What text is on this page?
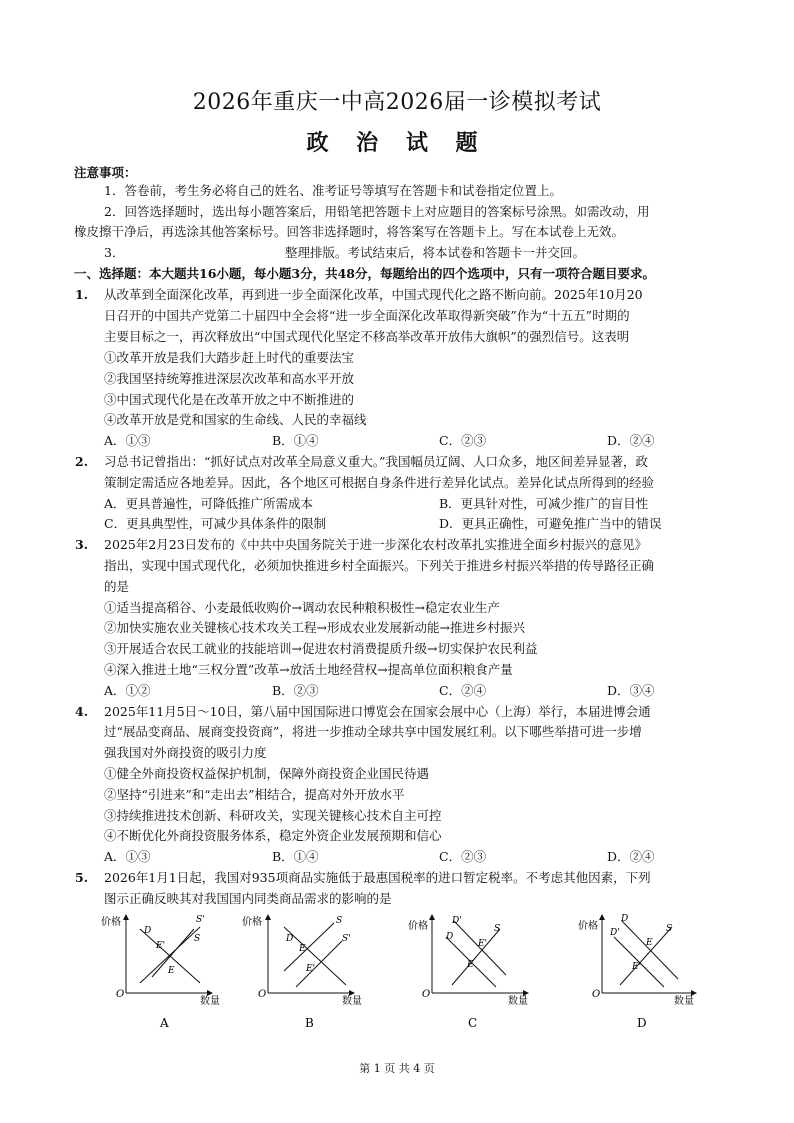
2026年重庆一中高2026届一诊模拟考试
政 治 试 题
注意事项：
1．答卷前，考生务必将自己的姓名、准考证号等填写在答题卡和试卷指定位置上。
2．回答选择题时，选出每小题答案后，用铅笔把答题卡上对应题目的答案标号涂黑。如需改动，用
橡皮擦干净后，再选涂其他答案标号。回答非选择题时，将答案写在答题卡上。写在本试卷上无效。
3．	整理排版。考试结束后，将本试卷和答题卡一并交回。
一、选择题：本大题共16小题，每小题3分，共48分，每题给出的四个选项中，只有一项符合题目要求。
1. 从改革到全面深化改革，再到进一步全面深化改革，中国式现代化之路不断向前。2025年10月20
日召开的中国共产党第二十届四中全会将“进一步全面深化改革取得新突破”作为“十五五”时期的
主要目标之一，再次释放出“中国式现代化坚定不移高举改革开放伟大旗帜”的强烈信号。这表明
①改革开放是我们大踏步赶上时代的重要法宝
②我国坚持统筹推进深层次改革和高水平开放
③中国式现代化是在改革开放之中不断推进的
④改革开放是党和国家的生命线、人民的幸福线
A．①③	B．①④	C．②③	D．②④
2. 习总书记曾指出：“抓好试点对改革全局意义重大。”我国幅员辽阔、人口众多，地区间差异显著，政
策制定需适应各地差异。因此，各个地区可根据自身条件进行差异化试点。差异化试点所得到的经验
A．更具普遍性，可降低推广所需成本	B．更具针对性，可减少推广的盲目性
C．更具典型性，可减少具体条件的限制	D．更具正确性，可避免推广当中的错误
3. 2025年2月23日发布的《中共中央国务院关于进一步深化农村改革扎实推进全面乡村振兴的意见》
指出，实现中国式现代化，必须加快推进乡村全面振兴。下列关于推进乡村振兴举措的传导路径正确
的是
①适当提高稻谷、小麦最低收购价→调动农民种粮积极性→稳定农业生产
②加快实施农业关键核心技术攻关工程→形成农业发展新动能→推进乡村振兴
③开展适合农民工就业的技能培训→促进农村消费提质升级→切实保护农民利益
④深入推进土地“三权分置”改革→放活土地经营权→提高单位面积粮食产量
A．①②	B．②③	C．②④	D．③④
4. 2025年11月5日～10日，第八届中国国际进口博览会在国家会展中心（上海）举行，本届进博会通
过“展品变商品、展商变投资商”，将进一步推动全球共享中国发展红利。以下哪些举措可进一步增
强我国对外商投资的吸引力度
①健全外商投资权益保护机制，保障外商投资企业国民待遇
②坚持“引进来”和“走出去”相结合，提高对外开放水平
③持续推进技术创新、科研攻关，实现关键核心技术自主可控
④不断优化外商投资服务体系，稳定外资企业发展预期和信心
A．①③	B．①④	C．②③	D．②④
5. 2026年1月1日起，我国对935项商品实施低于最惠国税率的进口暂定税率。不考虑其他因素，下列
图示正确反映其对我国国内同类商品需求的影响的是
价格
数量
O
D
S
S'
E'
E
A
价格
数量
O
D
S
S'
E
E'
B
价格
数量
O
D
D'
S
E
E'
C
价格
数量
O
D
D'	S
E
E'
D
第 1 页 共 4 页
